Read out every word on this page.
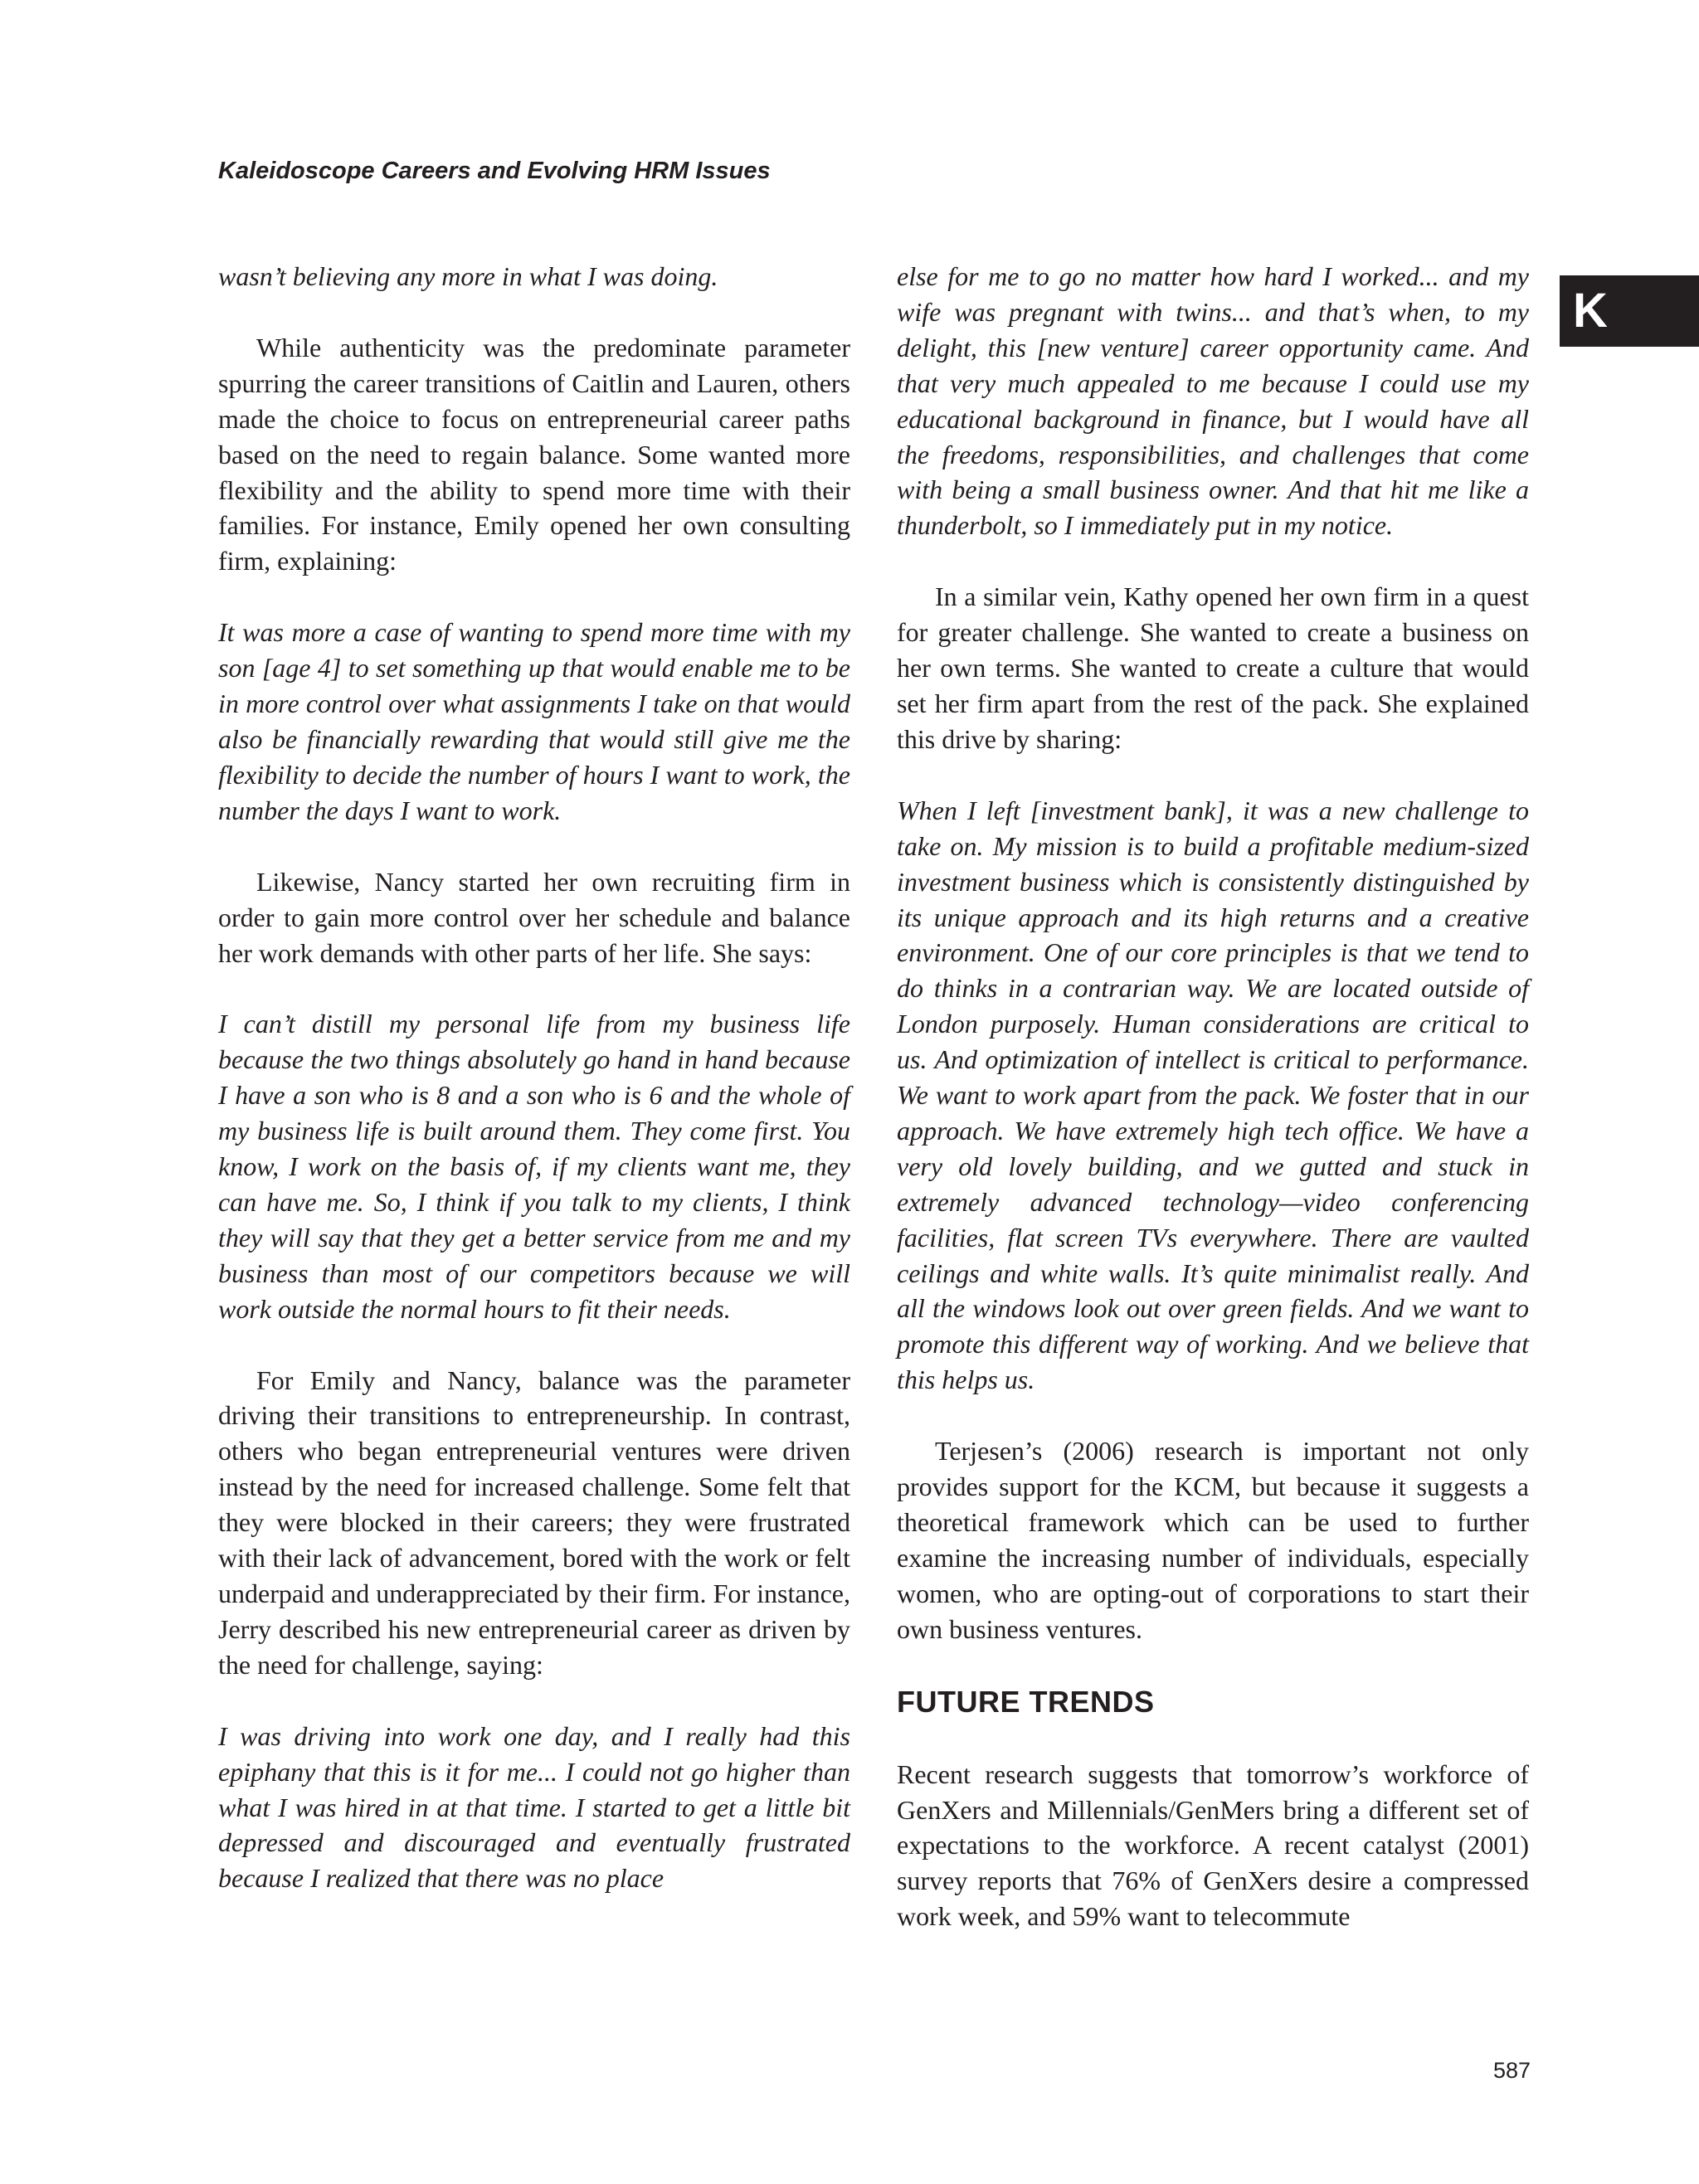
Kaleidoscope Careers and Evolving HRM Issues
K

wasn’t believing any more in what I was doing.

While authenticity was the predominate parameter spurring the career transitions of Caitlin and Lauren, others made the choice to focus on entrepreneurial career paths based on the need to regain balance. Some wanted more flexibility and the ability to spend more time with their families. For instance, Emily opened her own consulting firm, explaining:

It was more a case of wanting to spend more time with my son [age 4] to set something up that would enable me to be in more control over what assignments I take on that would also be financially rewarding that would still give me the flexibility to decide the number of hours I want to work, the number the days I want to work.

Likewise, Nancy started her own recruiting firm in order to gain more control over her schedule and balance her work demands with other parts of her life. She says:

I can’t distill my personal life from my business life because the two things absolutely go hand in hand because I have a son who is 8 and a son who is 6 and the whole of my business life is built around them. They come first. You know, I work on the basis of, if my clients want me, they can have me. So, I think if you talk to my clients, I think they will say that they get a better service from me and my business than most of our competitors because we will work outside the normal hours to fit their needs.

For Emily and Nancy, balance was the parameter driving their transitions to entrepreneurship. In contrast, others who began entrepreneurial ventures were driven instead by the need for increased challenge. Some felt that they were blocked in their careers; they were frustrated with their lack of advancement, bored with the work or felt underpaid and underappreciated by their firm. For instance, Jerry described his new entrepreneurial career as driven by the need for challenge, saying:

I was driving into work one day, and I really had this epiphany that this is it for me... I could not go higher than what I was hired in at that time. I started to get a little bit depressed and discouraged and eventually frustrated because I realized that there was no place

else for me to go no matter how hard I worked... and my wife was pregnant with twins... and that’s when, to my delight, this [new venture] career opportunity came. And that very much appealed to me because I could use my educational background in finance, but I would have all the freedoms, responsibilities, and challenges that come with being a small business owner. And that hit me like a thunderbolt, so I immediately put in my notice.

In a similar vein, Kathy opened her own firm in a quest for greater challenge. She wanted to create a business on her own terms. She wanted to create a culture that would set her firm apart from the rest of the pack. She explained this drive by sharing:

When I left [investment bank], it was a new challenge to take on. My mission is to build a profitable medium-sized investment business which is consistently distinguished by its unique approach and its high returns and a creative environment. One of our core principles is that we tend to do thinks in a contrarian way. We are located outside of London purposely. Human considerations are critical to us. And optimization of intellect is critical to performance. We want to work apart from the pack. We foster that in our approach. We have extremely high tech office. We have a very old lovely building, and we gutted and stuck in extremely advanced technology—video conferencing facilities, flat screen TVs everywhere. There are vaulted ceilings and white walls. It’s quite minimalist really. And all the windows look out over green fields. And we want to promote this different way of working. And we believe that this helps us.

Terjesen’s (2006) research is important not only provides support for the KCM, but because it suggests a theoretical framework which can be used to further examine the increasing number of individuals, especially women, who are opting-out of corporations to start their own business ventures.

FUTURE TRENDS

Recent research suggests that tomorrow’s workforce of GenXers and Millennials/GenMers bring a different set of expectations to the workforce. A recent catalyst (2001) survey reports that 76% of GenXers desire a compressed work week, and 59% want to telecommute

587
